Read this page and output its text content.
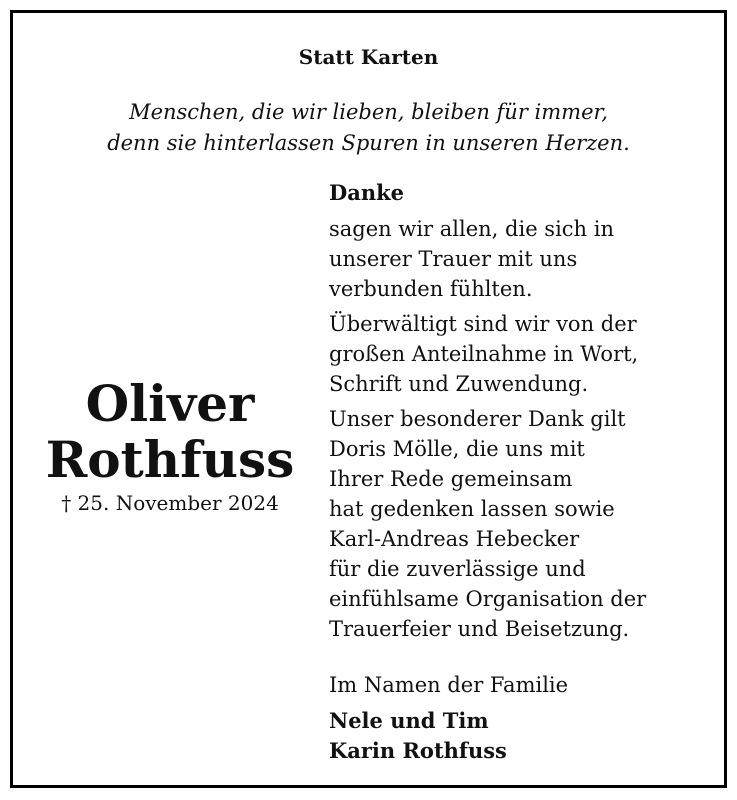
Statt Karten
Menschen, die wir lieben, bleiben für immer,
denn sie hinterlassen Spuren in unseren Herzen.
Oliver
Rothfuss
† 25. November 2024
Danke
sagen wir allen, die sich in
unserer Trauer mit uns
verbunden fühlten.
Überwältigt sind wir von der
großen Anteilnahme in Wort,
Schrift und Zuwendung.
Unser besonderer Dank gilt
Doris Mölle, die uns mit
Ihrer Rede gemeinsam
hat gedenken lassen sowie
Karl-Andreas Hebecker
für die zuverlässige und
einfühlsame Organisation der
Trauerfeier und Beisetzung.
Im Namen der Familie
Nele und Tim
Karin Rothfuss
